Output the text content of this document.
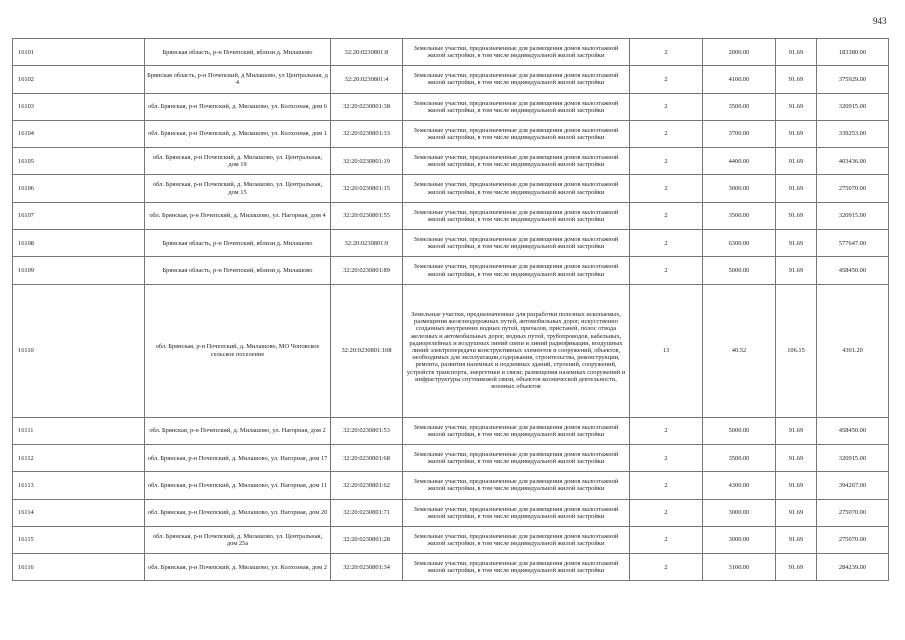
943
16101	Брянская область, р-н Почепский, вблизи д. Милашово	32:20:0230801:8	Земельные участки, предназначенные для размещения домов малоэтажной жилой застройки, в том числе индивидуальной жилой застройки	2	2000.00	91.69	183380.00
16102	Брянская область, р-н Почепский, д Милашово, ул Центральная, д 4	32:20:0230801:4	Земельные участки, предназначенные для размещения домов малоэтажной жилой застройки, в том числе индивидуальной жилой застройки	2	4100.00	91.69	375929.00
16103	обл. Брянская, р-н Почепский, д. Милашово, ул. Колхозная, дом 6	32:20:0230801:38	Земельные участки, предназначенные для размещения домов малоэтажной жилой застройки, в том числе индивидуальной жилой застройки	2	3500.00	91.69	320915.00
16104	обл. Брянская, р-н Почепский, д. Милашово, ул. Колхозная, дом 1	32:20:0230801:33	Земельные участки, предназначенные для размещения домов малоэтажной жилой застройки, в том числе индивидуальной жилой застройки	2	3700.00	91.69	339253.00
16105	обл. Брянская, р-н Почепский, д. Милашово, ул. Центральная, дом 19	32:20:0230801:19	Земельные участки, предназначенные для размещения домов малоэтажной жилой застройки, в том числе индивидуальной жилой застройки	2	4400.00	91.69	403436.00
16106	обл. Брянская, р-н Почепский, д. Милашово, ул. Центральная, дом 15	32:20:0230801:15	Земельные участки, предназначенные для размещения домов малоэтажной жилой застройки, в том числе индивидуальной жилой застройки	2	3000.00	91.69	275070.00
16107	обл. Брянская, р-н Почепский, д. Милашово, ул. Нагорная, дом 4	32:20:0230801:55	Земельные участки, предназначенные для размещения домов малоэтажной жилой застройки, в том числе индивидуальной жилой застройки	2	3500.00	91.69	320915.00
16108	Брянская область, р-н Почепский, вблизи д. Милашово	32:20:0230801:9	Земельные участки, предназначенные для размещения домов малоэтажной жилой застройки, в том числе индивидуальной жилой застройки	2	6300.00	91.69	577647.00
16109	Брянская область, р-н Почепский, вблизи д. Милашово	32:20:0230801:89	Земельные участки, предназначенные для размещения домов малоэтажной жилой застройки, в том числе индивидуальной жилой застройки	2	5000.00	91.69	458450.00
16110	обл. Брянская, р-н Почепский, д. Милашово, МО Чоповское сельское поселение	32:20:0230801:108	Земельные участки, предназначенные для разработки полезных ископаемых, размещения железнодорожных путей, автомобильных дорог, искусственно созданных внутренних водных путей, причалов, пристаней, полос отвода железных и автомобильных дорог, водных путей, трубопроводов, кабельных, радиорелейных и воздушных линий связи и линий радиофикации, воздушных линий электропередачи конструктивных элементов и сооружений, объектов, необходимых для эксплуатации,содержания, строительства, реконструкции, ремонта, развития наземных и подземных зданий, строений, сооружений, устройств транспорта, энергетики и связи; размещения наземных сооружений и инфраструктуры спутниковой связи, объектов космической деятельности, военных объектов	13	40.52	106.15	4301.20
16111	обл. Брянская, р-н Почепский, д. Милашово, ул. Нагорная, дом 2	32:20:0230801:53	Земельные участки, предназначенные для размещения домов малоэтажной жилой застройки, в том числе индивидуальной жилой застройки	2	5000.00	91.69	458450.00
16112	обл. Брянская, р-н Почепский, д. Милашово, ул. Нагорная, дом 17	32:20:0230801:68	Земельные участки, предназначенные для размещения домов малоэтажной жилой застройки, в том числе индивидуальной жилой застройки	2	3500.00	91.69	320915.00
16113	обл. Брянская, р-н Почепский, д. Милашово, ул. Нагорная, дом 11	32:20:0230801:62	Земельные участки, предназначенные для размещения домов малоэтажной жилой застройки, в том числе индивидуальной жилой застройки	2	4300.00	91.69	394267.00
16114	обл. Брянская, р-н Почепский, д. Милашово, ул. Нагорная, дом 20	32:20:0230801:71	Земельные участки, предназначенные для размещения домов малоэтажной жилой застройки, в том числе индивидуальной жилой застройки	2	3000.00	91.69	275070.00
16115	обл. Брянская, р-н Почепский, д. Милашово, ул. Центральная, дом 25а	32:20:0230801:28	Земельные участки, предназначенные для размещения домов малоэтажной жилой застройки, в том числе индивидуальной жилой застройки	2	3000.00	91.69	275070.00
16116	обл. Брянская, р-н Почепский, д. Милашово, ул. Колхозная, дом 2	32:20:0230801:34	Земельные участки, предназначенные для размещения домов малоэтажной жилой застройки, в том числе индивидуальной жилой застройки	2	3100.00	91.69	284239.00
